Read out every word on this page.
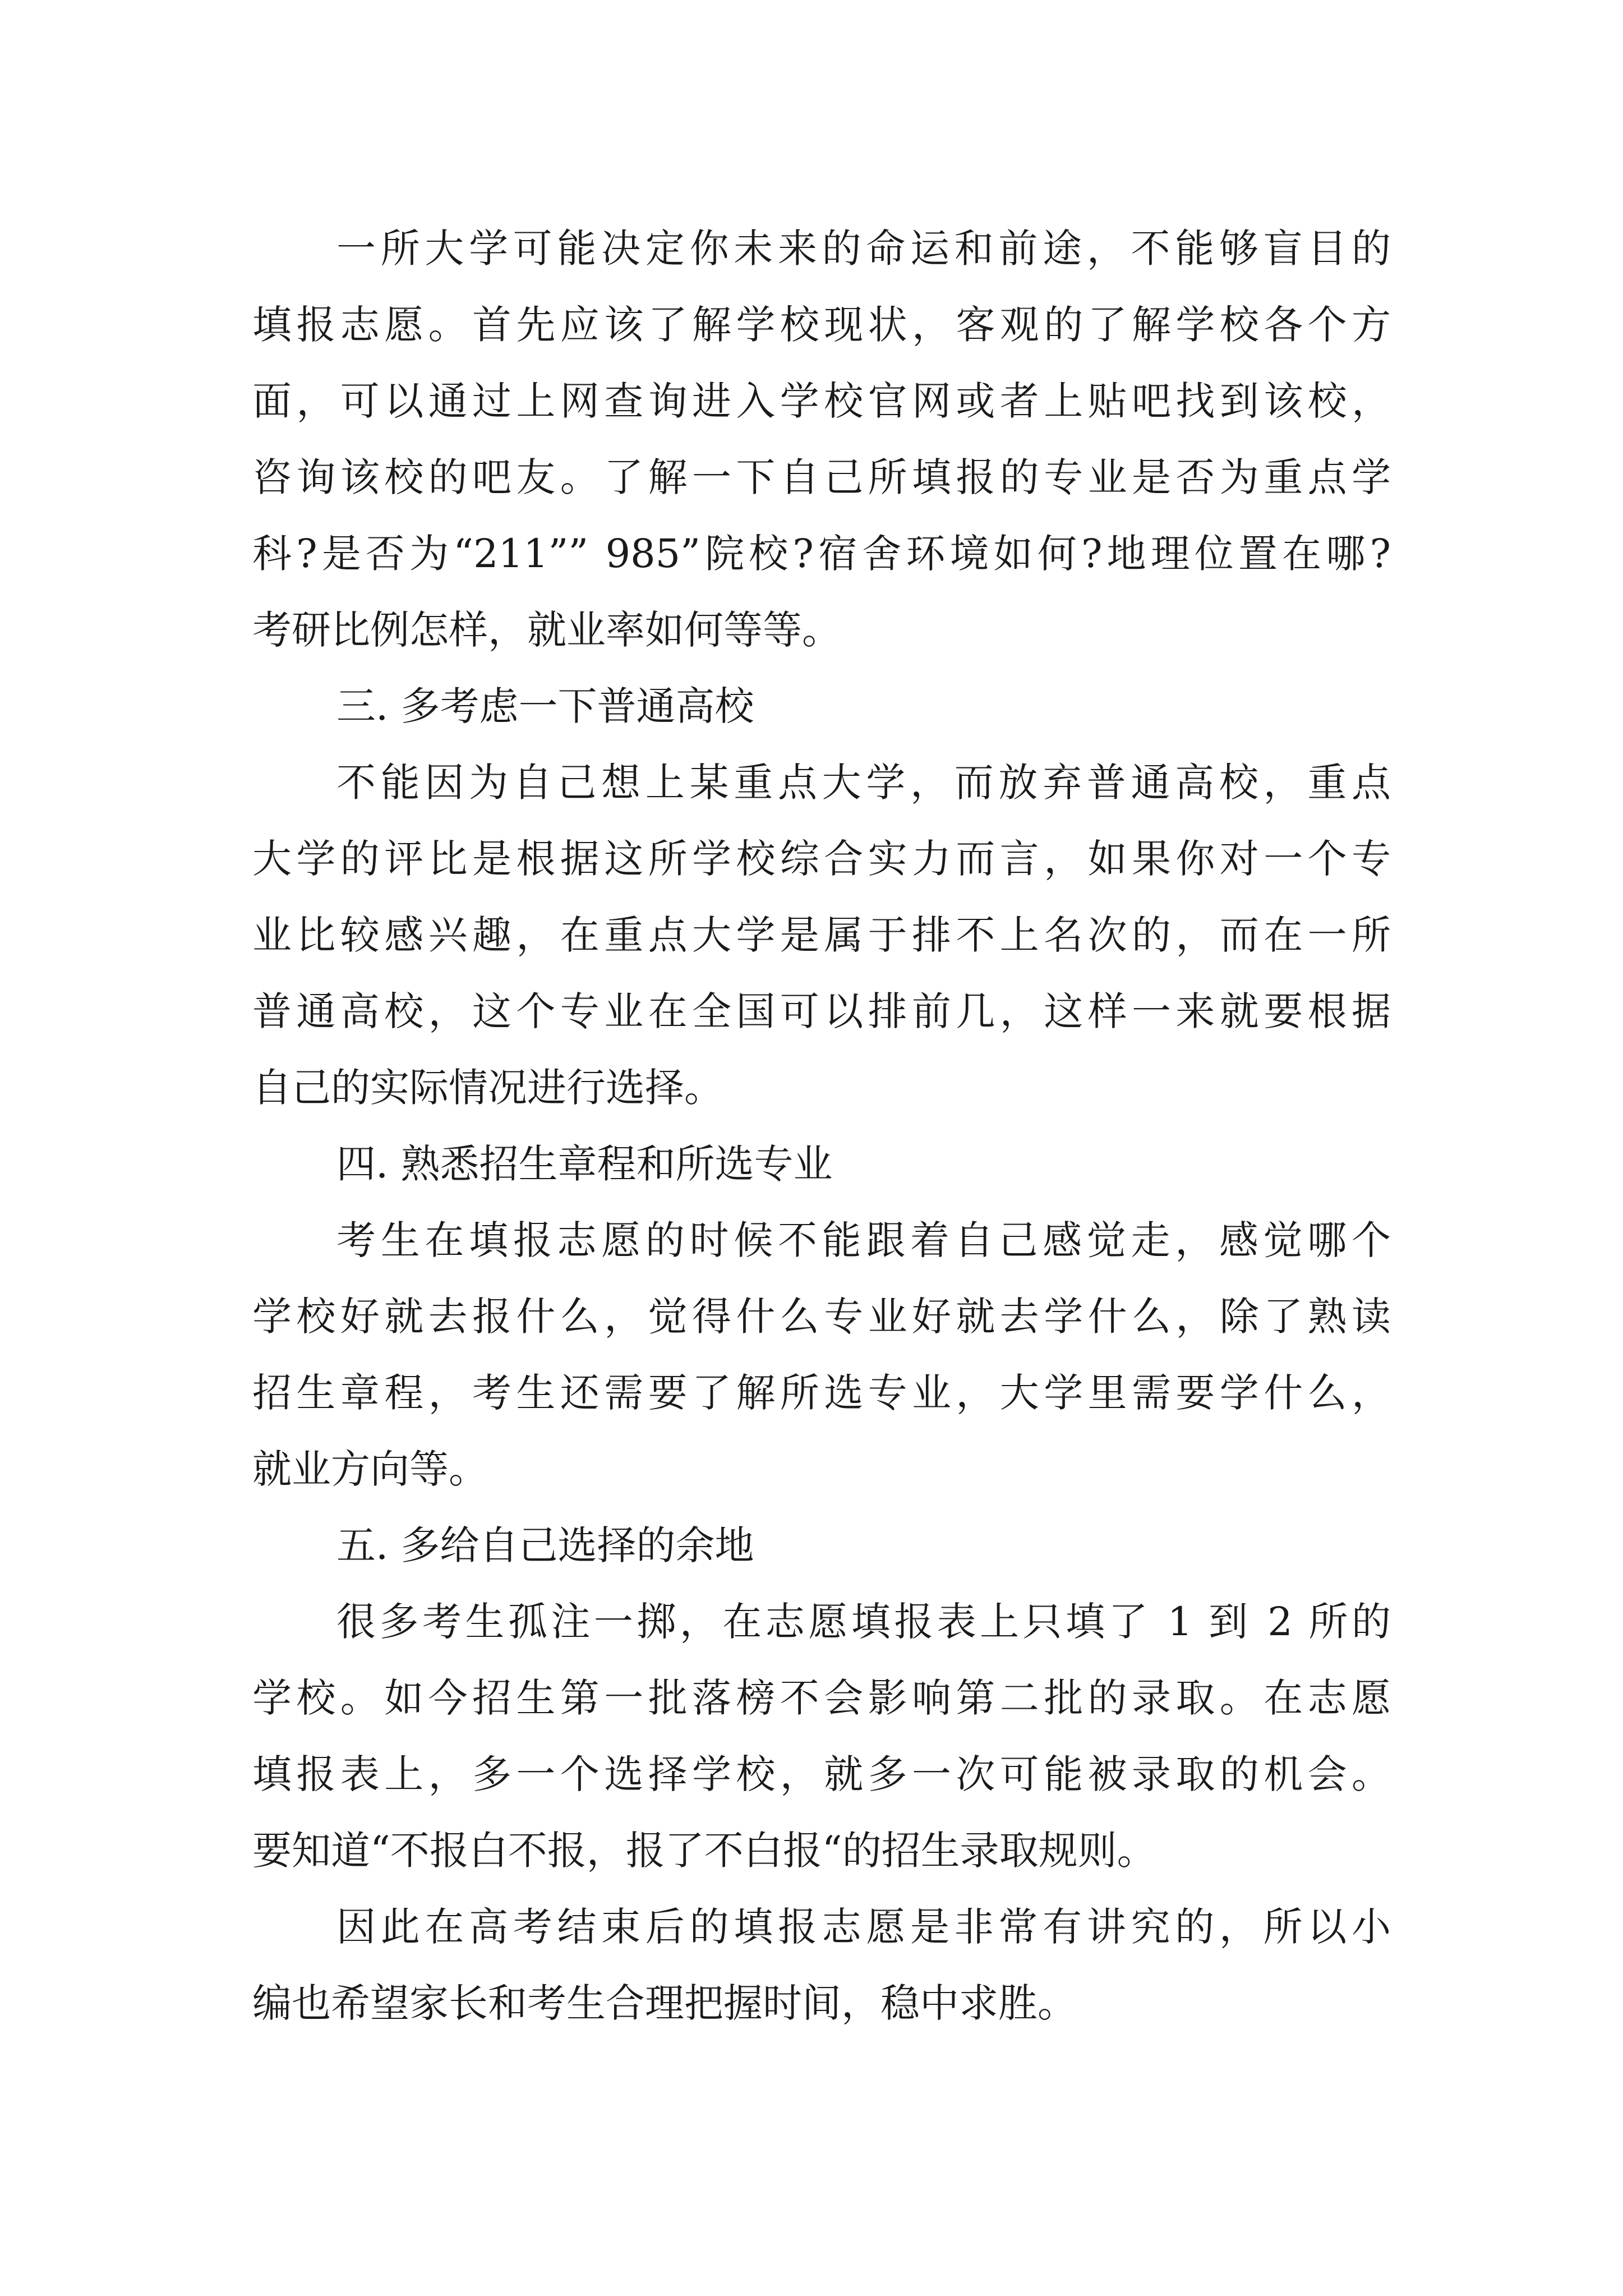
一所大学可能决定你未来的命运和前途，不能够盲目的
填报志愿。首先应该了解学校现状，客观的了解学校各个方
面，可以通过上网查询进入学校官网或者上贴吧找到该校，
咨询该校的吧友。了解一下自己所填报的专业是否为重点学
科?是否为“211”” 985”院校?宿舍环境如何?地理位置在哪?
考研比例怎样，就业率如何等等。
三. 多考虑一下普通高校
不能因为自己想上某重点大学，而放弃普通高校，重点
大学的评比是根据这所学校综合实力而言，如果你对一个专
业比较感兴趣，在重点大学是属于排不上名次的，而在一所
普通高校，这个专业在全国可以排前几，这样一来就要根据
自己的实际情况进行选择。
四. 熟悉招生章程和所选专业
考生在填报志愿的时候不能跟着自己感觉走，感觉哪个
学校好就去报什么，觉得什么专业好就去学什么，除了熟读
招生章程，考生还需要了解所选专业，大学里需要学什么，
就业方向等。
五. 多给自己选择的余地
很多考生孤注一掷，在志愿填报表上只填了 1 到 2 所的
学校。如今招生第一批落榜不会影响第二批的录取。在志愿
填报表上，多一个选择学校，就多一次可能被录取的机会。
要知道“不报白不报，报了不白报“的招生录取规则。
因此在高考结束后的填报志愿是非常有讲究的，所以小
编也希望家长和考生合理把握时间，稳中求胜。
